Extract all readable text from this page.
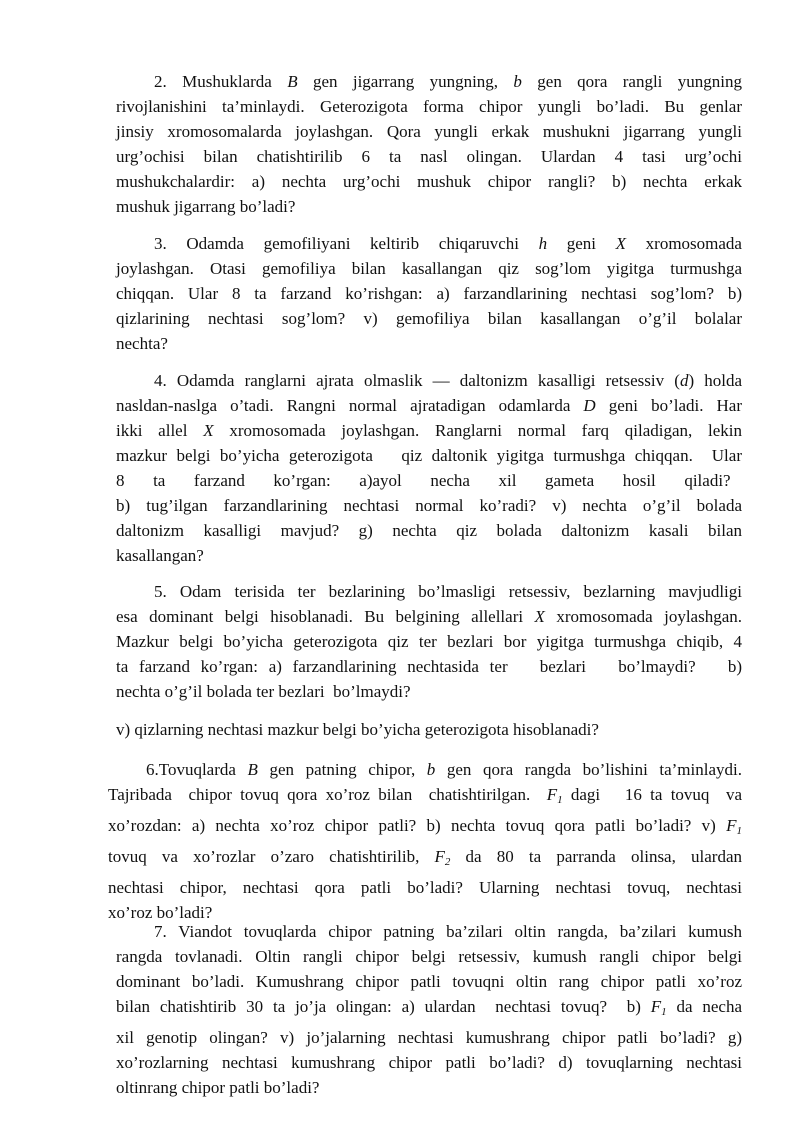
2. Mushuklarda B gen jigarrang yungning, b gen qora rangli yungning
rivojlanishini ta’minlaydi. Geterozigota forma chipor yungli bo’ladi. Bu genlar
jinsiy xromosomalarda joylashgan. Qora yungli erkak mushukni jigarrang yungli
urg’ochisi bilan chatishtirilib 6 ta nasl olingan. Ulardan 4 tasi urg’ochi
mushukchalardir: a) nechta urg’ochi mushuk chipor rangli? b) nechta erkak
mushuk jigarrang bo’ladi?
3. Odamda gemofiliyani keltirib chiqaruvchi h geni X xromosomada
joylashgan. Otasi gemofiliya bilan kasallangan qiz sog’lom yigitga turmushga
chiqqan. Ular 8 ta farzand ko’rishgan: a) farzandlarining nechtasi sog’lom? b)
qizlarining nechtasi sog’lom? v) gemofiliya bilan kasallangan o’g’il bolalar
nechta?
4. Odamda ranglarni ajrata olmaslik — daltonizm kasalligi retsessiv (d) holda
nasldan-naslga o’tadi. Rangni normal ajratadigan odamlarda D geni bo’ladi. Har
ikki allel X xromosomada joylashgan. Ranglarni normal farq qiladigan, lekin
mazkur belgi bo’yicha geterozigota   qiz daltonik yigitga turmushga chiqqan.  Ular
8    ta    farzand    ko’rgan:    a)ayol    necha    xil    gameta    hosil    qiladi?
b) tug’ilgan farzandlarining nechtasi normal ko’radi? v) nechta o’g’il bolada
daltonizm kasalligi mavjud? g) nechta qiz bolada daltonizm kasali bilan
kasallangan?
5. Odam terisida ter bezlarining bo’lmasligi retsessiv, bezlarning mavjudligi
esa dominant belgi hisoblanadi. Bu belgining allellari X xromosomada joylashgan.
Mazkur belgi bo’yicha geterozigota qiz ter bezlari bor yigitga turmushga chiqib, 4
ta farzand ko’rgan: a) farzandlarining nechtasida ter   bezlari   bo’lmaydi?   b)
nechta o’g’il bolada ter bezlari  bo’lmaydi?
v) qizlarning nechtasi mazkur belgi bo’yicha geterozigota hisoblanadi?
6.Tovuqlarda B gen patning chipor, b gen qora rangda bo’lishini ta’minlaydi.
Tajribada  chipor tovuq qora xo’roz bilan  chatishtirilgan.  $F_1$ dagi   16 ta tovuq  va
xo’rozdan: a) nechta xo’roz chipor patli? b) nechta tovuq qora patli bo’ladi? v) $F_1$
tovuq va xo’rozlar o’zaro chatishtirilib, $F_2$ da 80 ta parranda olinsa, ulardan
nechtasi chipor, nechtasi qora patli bo’ladi? Ularning nechtasi tovuq, nechtasi
xo’roz bo’ladi?
7. Viandot tovuqlarda chipor patning ba’zilari oltin rangda, ba’zilari kumush
rangda tovlanadi. Oltin rangli chipor belgi retsessiv, kumush rangli chipor belgi
dominant bo’ladi. Kumushrang chipor patli tovuqni oltin rang chipor patli xo’roz
bilan chatishtirib 30 ta jo’ja olingan: a) ulardan  nechtasi tovuq?  b) $F_1$ da necha
xil genotip olingan? v) jo’jalarning nechtasi kumushrang chipor patli bo’ladi? g)
xo’rozlarning nechtasi kumushrang chipor patli bo’ladi? d) tovuqlarning nechtasi
oltinrang chipor patli bo’ladi?
